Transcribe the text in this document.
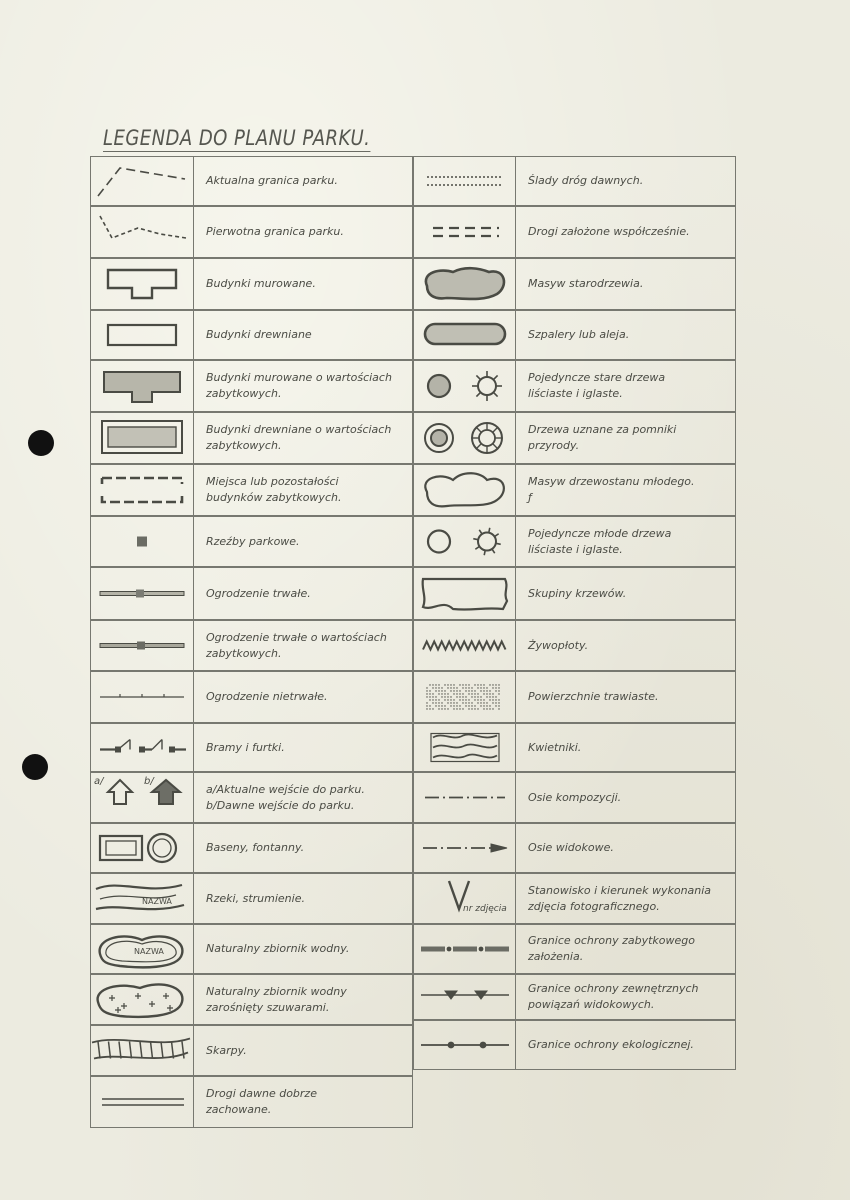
LEGENDA DO PLANU PARKU.
Aktualna granica parku.
Pierwotna granica parku.
Budynki murowane.
Budynki drewniane
Budynki murowane o wartościach
zabytkowych.
Budynki drewniane o wartościach
zabytkowych.
Miejsca lub pozostałości
budynków zabytkowych.
Rzeźby parkowe.
Ogrodzenie trwałe.
Ogrodzenie trwałe o wartościach
zabytkowych.
Ogrodzenie nietrwałe.
Bramy i furtki.
a/	b/
a/Aktualne wejście do parku.
b/Dawne wejście do parku.
Baseny, fontanny.
NAZWA	Rzeki, strumienie.
NAZWA	Naturalny zbiornik wodny.
Naturalny zbiornik wodny
zarośnięty szuwarami.
Skarpy.
Drogi dawne dobrze
zachowane.
Ślady dróg dawnych.
Drogi założone współcześnie.
Masyw starodrzewia.
Szpalery lub aleja.
Pojedyncze stare drzewa
liściaste i iglaste.
Drzewa uznane za pomniki
przyrody.
Masyw drzewostanu młodego.
ƒ
Pojedyncze młode drzewa
liściaste i iglaste.
Skupiny krzewów.
Żywopłoty.
Powierzchnie trawiaste.
Kwietniki.
Osie kompozycji.
Osie widokowe.
nr zdjęcia
Stanowisko i kierunek wykonania
zdjęcia fotograficznego.
Granice ochrony zabytkowego
założenia.
Granice ochrony zewnętrznych
powiązań widokowych.
Granice ochrony ekologicznej.
